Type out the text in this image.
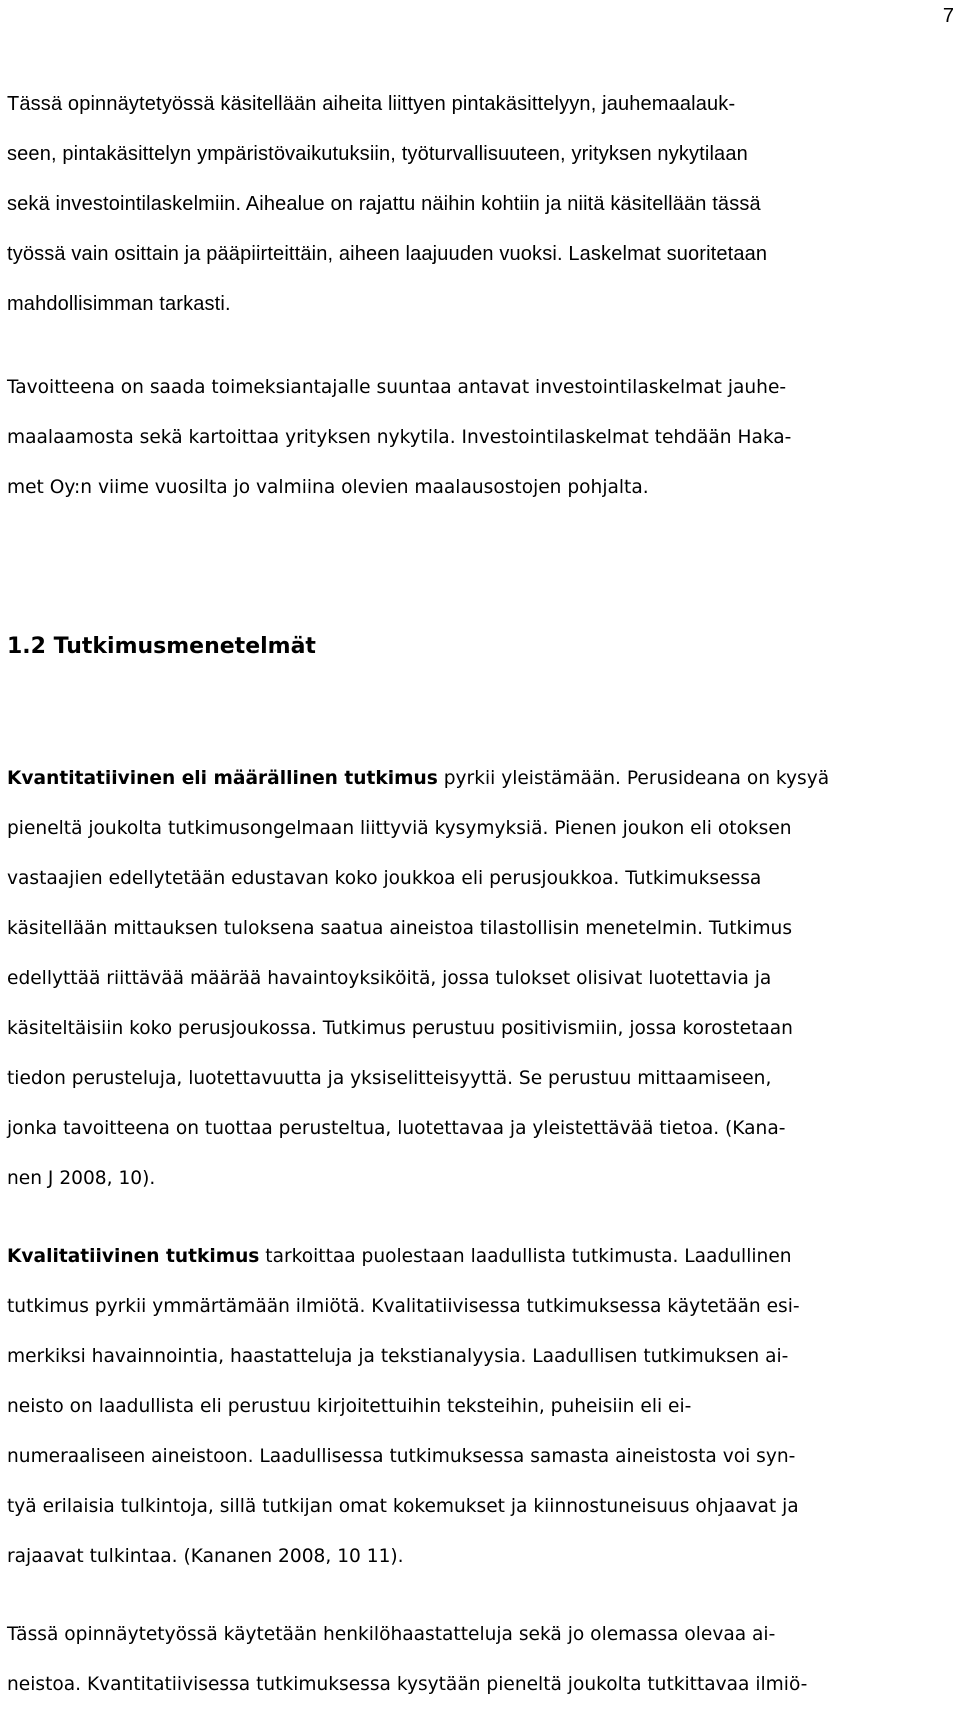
7
Tässä opinnäytetyössä käsitellään aiheita liittyen pintakäsittelyyn, jauhemaalauk-
seen, pintakäsittelyn ympäristövaikutuksiin, työturvallisuuteen, yrityksen nykytilaan
sekä investointilaskelmiin. Aihealue on rajattu näihin kohtiin ja niitä käsitellään tässä
työssä vain osittain ja pääpiirteittäin, aiheen laajuuden vuoksi. Laskelmat suoritetaan
mahdollisimman tarkasti.
Tavoitteena on saada toimeksiantajalle suuntaa antavat investointilaskelmat jauhe-
maalaamosta sekä kartoittaa yrityksen nykytila. Investointilaskelmat tehdään Haka-
met Oy:n viime vuosilta jo valmiina olevien maalausostojen pohjalta.
1.2 Tutkimusmenetelmät
Kvantitatiivinen eli määrällinen tutkimus pyrkii yleistämään. Perusideana on kysyä
pieneltä joukolta tutkimusongelmaan liittyviä kysymyksiä. Pienen joukon eli otoksen
vastaajien edellytetään edustavan koko joukkoa eli perusjoukkoa. Tutkimuksessa
käsitellään mittauksen tuloksena saatua aineistoa tilastollisin menetelmin. Tutkimus
edellyttää riittävää määrää havaintoyksiköitä, jossa tulokset olisivat luotettavia ja
käsiteltäisiin koko perusjoukossa. Tutkimus perustuu positivismiin, jossa korostetaan
tiedon perusteluja, luotettavuutta ja yksiselitteisyyttä. Se perustuu mittaamiseen,
jonka tavoitteena on tuottaa perusteltua, luotettavaa ja yleistettävää tietoa. (Kana-
nen J 2008, 10).
Kvalitatiivinen tutkimus tarkoittaa puolestaan laadullista tutkimusta. Laadullinen
tutkimus pyrkii ymmärtämään ilmiötä. Kvalitatiivisessa tutkimuksessa käytetään esi-
merkiksi havainnointia, haastatteluja ja tekstianalyysia. Laadullisen tutkimuksen ai-
neisto on laadullista eli perustuu kirjoitettuihin teksteihin, puheisiin eli ei-
numeraaliseen aineistoon. Laadullisessa tutkimuksessa samasta aineistosta voi syn-
tyä erilaisia tulkintoja, sillä tutkijan omat kokemukset ja kiinnostuneisuus ohjaavat ja
rajaavat tulkintaa. (Kananen 2008, 10 11).
Tässä opinnäytetyössä käytetään henkilöhaastatteluja sekä jo olemassa olevaa ai-
neistoa. Kvantitatiivisessa tutkimuksessa kysytään pieneltä joukolta tutkittavaa ilmiö-
